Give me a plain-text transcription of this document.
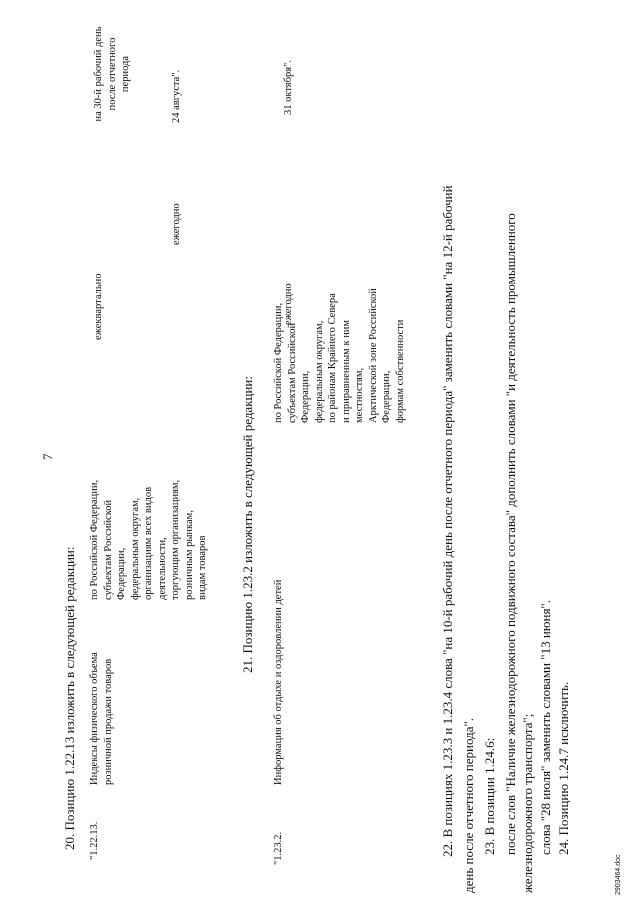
7
20. Позицию 1.22.13 изложить в следующей редакции: "1.22.13.
Индексы физического объема розничной продажи товаров
по Российской Федерации, субъектам Российской Федерации, федеральным округам, организациям всех видов деятельности, торгующим организациям, розничным рынкам, видам товаров
ежеквартально
ежегодно
на 30-й рабочий день после отчетного периода	24 августа".
21. Позицию 1.23.2 изложить в следующей редакции:
"1.23.2.
Информация об отдыхе и оздоровлении детей
по Российской Федерации, субъектам Российской Федерации, федеральным округам, по районам Крайнего Севера и приравненным к ним местностям, Арктической зоне Российской Федерации, формам собственности
ежегодно
31 октября".
22. В позициях 1.23.3 и 1.23.4 слова "на 10-й рабочий день после отчетного периода" заменить словами "на 12-й рабочий день после отчетного периода". 23. В позиции 1.24.6: после слов "Наличие железнодорожного подвижного состава" дополнить словами "и деятельность промышленного железнодорожного транспорта"; слова "28 июля" заменить словами "13 июня". 24. Позицию 1.24.7 исключить.
2903464.doc
